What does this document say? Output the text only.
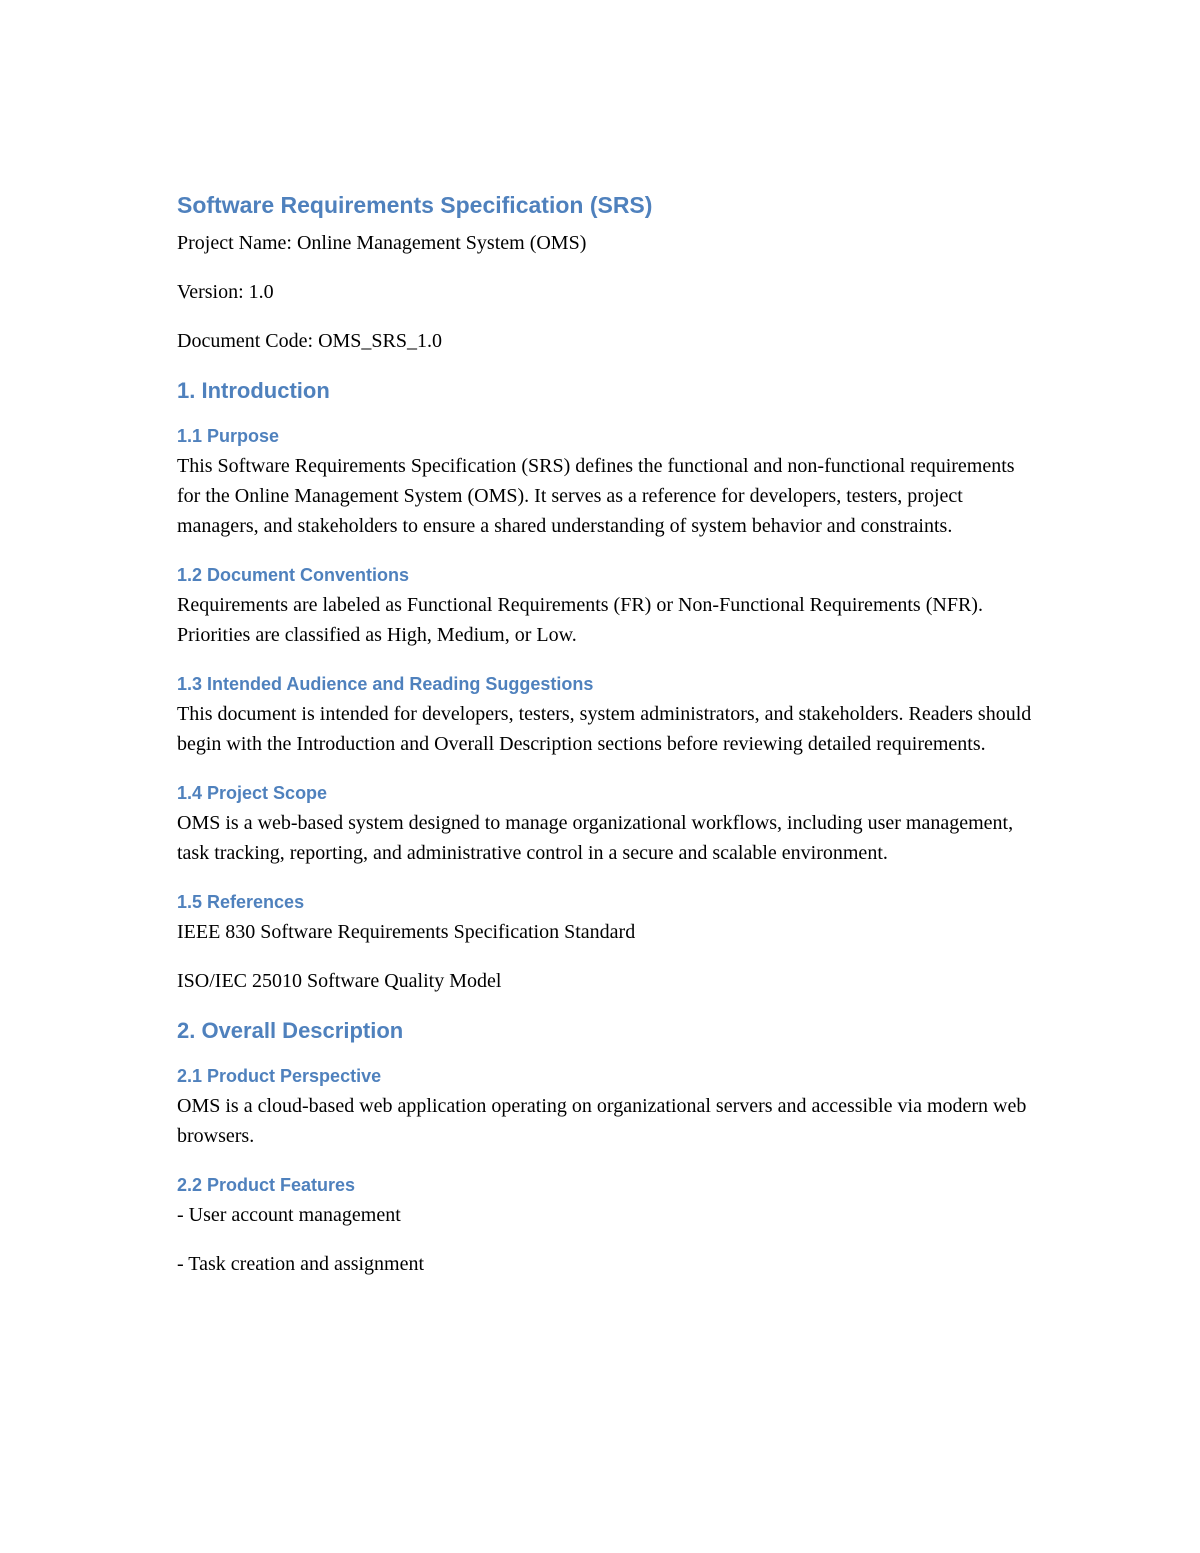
Software Requirements Specification (SRS)

Project Name: Online Management System (OMS)

Version: 1.0

Document Code: OMS_SRS_1.0

1. Introduction
1.1 Purpose

This Software Requirements Specification (SRS) defines the functional and non-functional requirements for the Online Management System (OMS). It serves as a reference for developers, testers, project managers, and stakeholders to ensure a shared understanding of system behavior and constraints.

1.2 Document Conventions

Requirements are labeled as Functional Requirements (FR) or Non-Functional Requirements (NFR). Priorities are classified as High, Medium, or Low.

1.3 Intended Audience and Reading Suggestions

This document is intended for developers, testers, system administrators, and stakeholders. Readers should begin with the Introduction and Overall Description sections before reviewing detailed requirements.

1.4 Project Scope

OMS is a web-based system designed to manage organizational workflows, including user management, task tracking, reporting, and administrative control in a secure and scalable environment.

1.5 References

IEEE 830 Software Requirements Specification Standard

ISO/IEC 25010 Software Quality Model

2. Overall Description
2.1 Product Perspective

OMS is a cloud-based web application operating on organizational servers and accessible via modern web browsers.

2.2 Product Features

- User account management

- Task creation and assignment
